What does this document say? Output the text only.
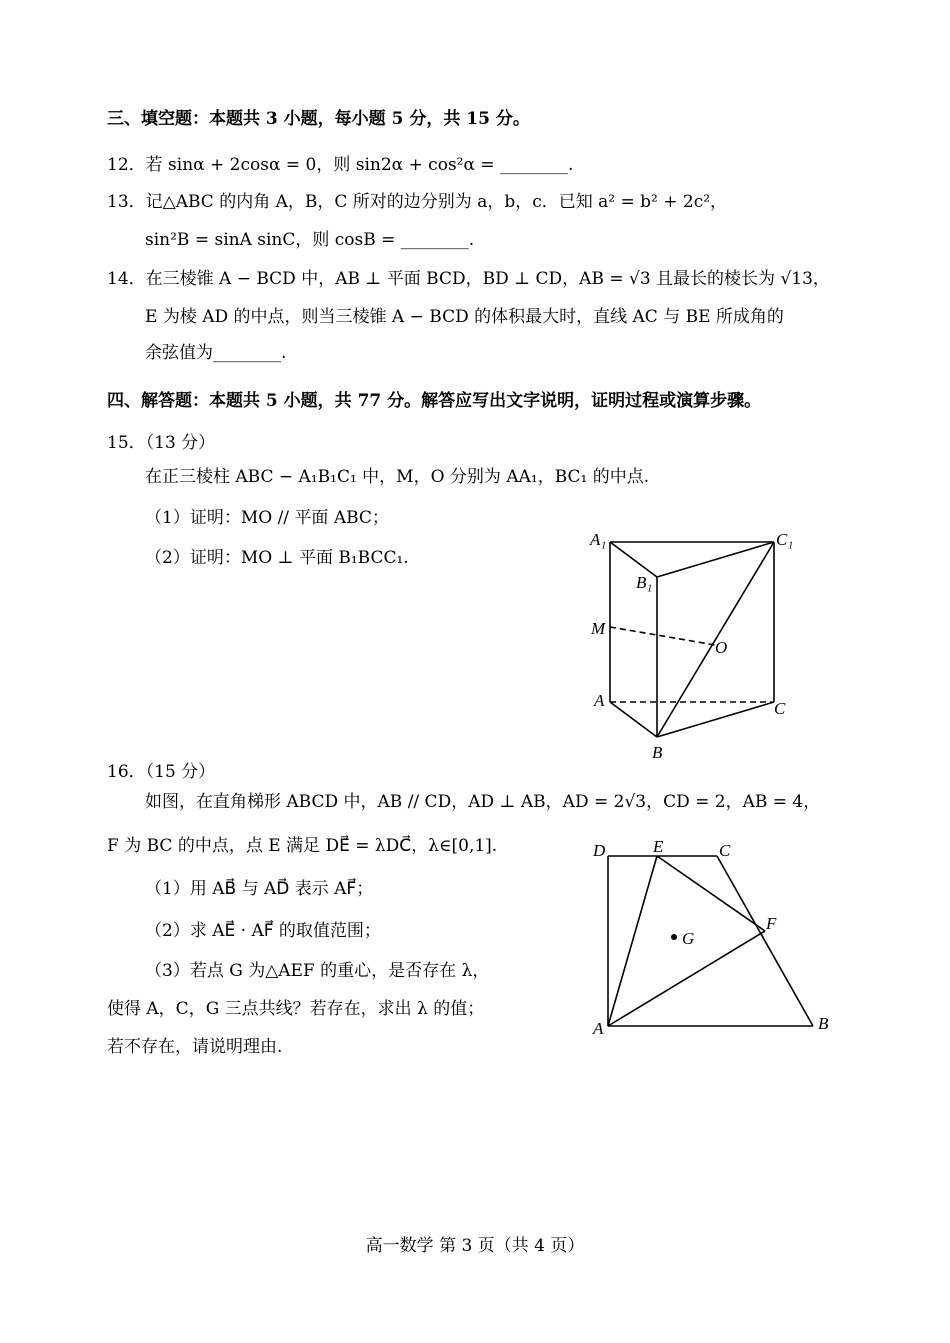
三、填空题：本题共 3 小题，每小题 5 分，共 15 分。
12．若 sinα + 2cosα = 0，则 sin2α + cos²α = ________.
13．记△ABC 的内角 A，B，C 所对的边分别为 a，b，c．已知 a² = b² + 2c²，
sin²B = sinA sinC，则 cosB = ________.
14．在三棱锥 A − BCD 中，AB ⊥ 平面 BCD，BD ⊥ CD，AB = √3 且最长的棱长为 √13，
E 为棱 AD 的中点，则当三棱锥 A − BCD 的体积最大时，直线 AC 与 BE 所成角的
余弦值为________.
四、解答题：本题共 5 小题，共 77 分。解答应写出文字说明，证明过程或演算步骤。
15．（13 分）
在正三棱柱 ABC − A₁B₁C₁ 中，M，O 分别为 AA₁，BC₁ 的中点.
（1）证明：MO // 平面 ABC；
（2）证明：MO ⊥ 平面 B₁BCC₁.
A₁	C₁
B₁
M
O
A	C
B
16．（15 分）
如图，在直角梯形 ABCD 中，AB // CD，AD ⊥ AB，AD = 2√3，CD = 2，AB = 4，
F 为 BC 的中点，点 E 满足 DE⃗ = λDC⃗，λ∈[0,1].
（1）用 AB⃗ 与 AD⃗ 表示 AF⃗；
（2）求 AE⃗ · AF⃗ 的取值范围；
（3）若点 G 为△AEF 的重心，是否存在 λ，
使得 A，C，G 三点共线？若存在，求出 λ 的值；
若不存在，请说明理由.
D	E	C
F
G
A	B
高一数学 第 3 页（共 4 页）
